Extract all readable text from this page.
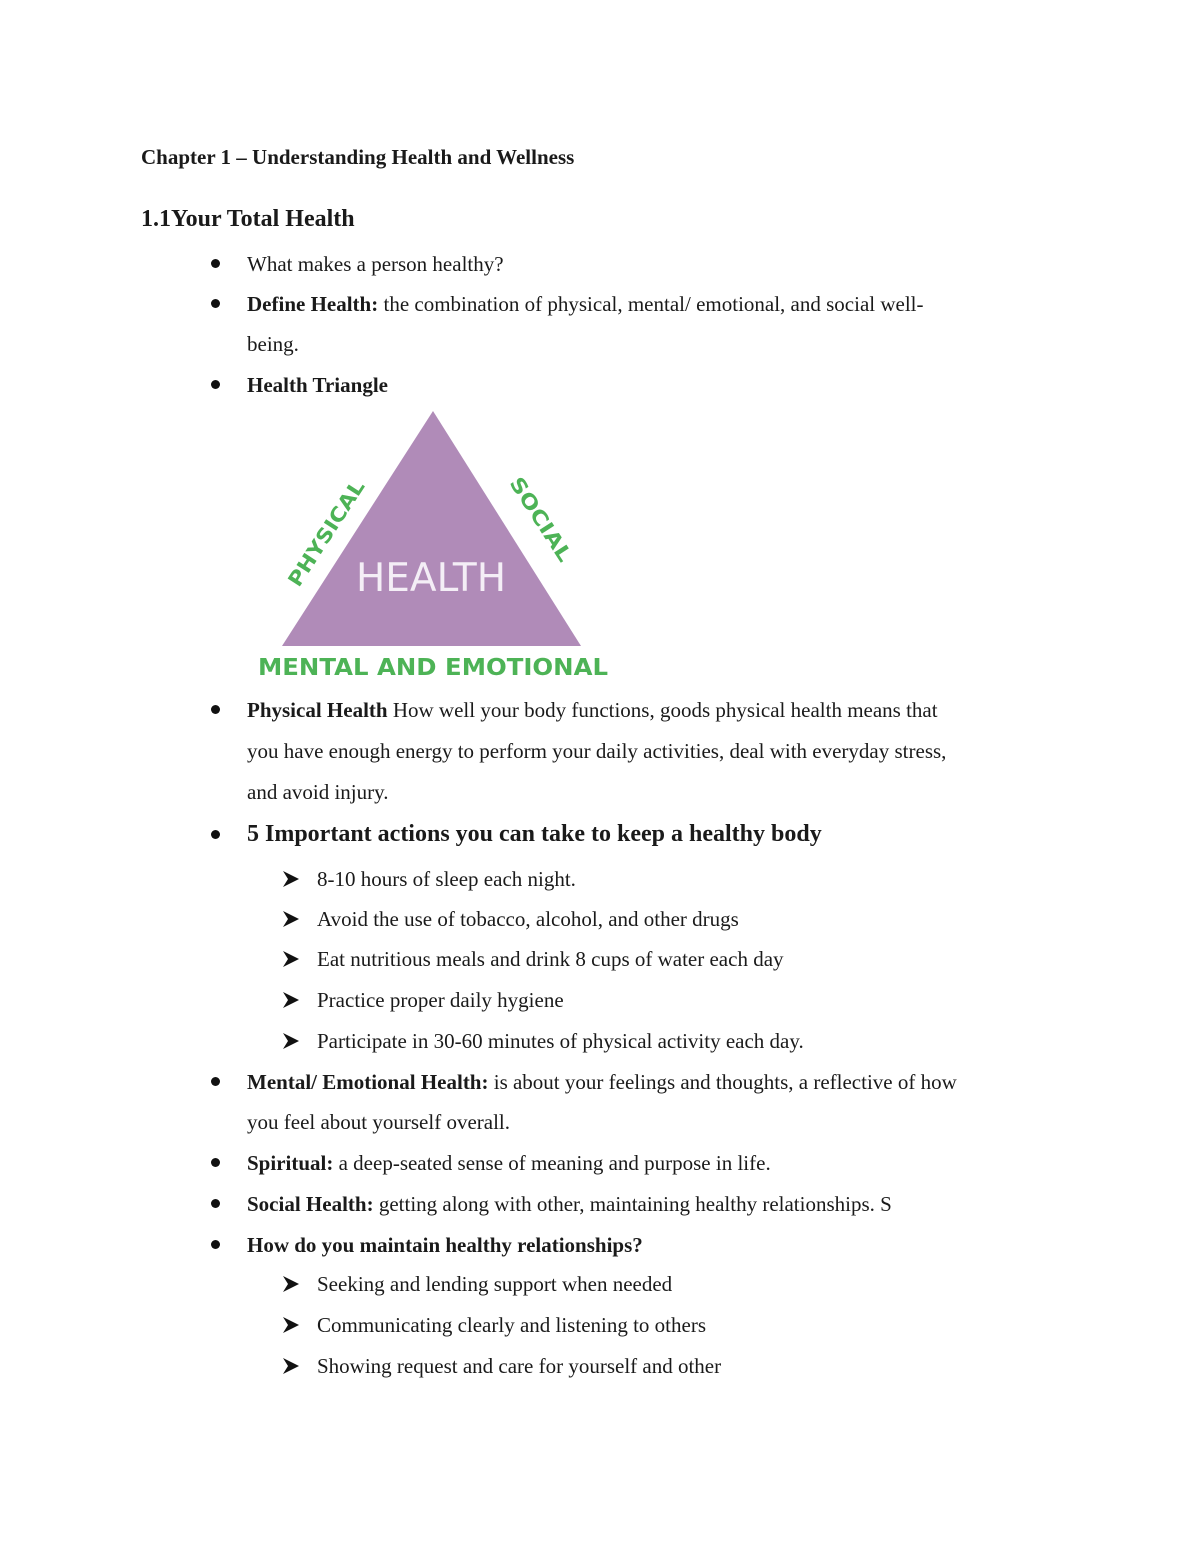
Chapter 1 – Understanding Health and Wellness
1.1Your Total Health
What makes a person healthy?
Define Health: the combination of physical, mental/ emotional, and social well-
being.
Health Triangle
HEALTH
PHYSICAL	SOCIAL
MENTAL AND EMOTIONAL
Physical Health How well your body functions, goods physical health means that
you have enough energy to perform your daily activities, deal with everyday stress,
and avoid injury.
5 Important actions you can take to keep a healthy body
8-10 hours of sleep each night.
Avoid the use of tobacco, alcohol, and other drugs
Eat nutritious meals and drink 8 cups of water each day
Practice proper daily hygiene
Participate in 30-60 minutes of physical activity each day.
Mental/ Emotional Health: is about your feelings and thoughts, a reflective of how
you feel about yourself overall.
Spiritual: a deep-seated sense of meaning and purpose in life.
Social Health: getting along with other, maintaining healthy relationships. S
How do you maintain healthy relationships?
Seeking and lending support when needed
Communicating clearly and listening to others
Showing request and care for yourself and other
